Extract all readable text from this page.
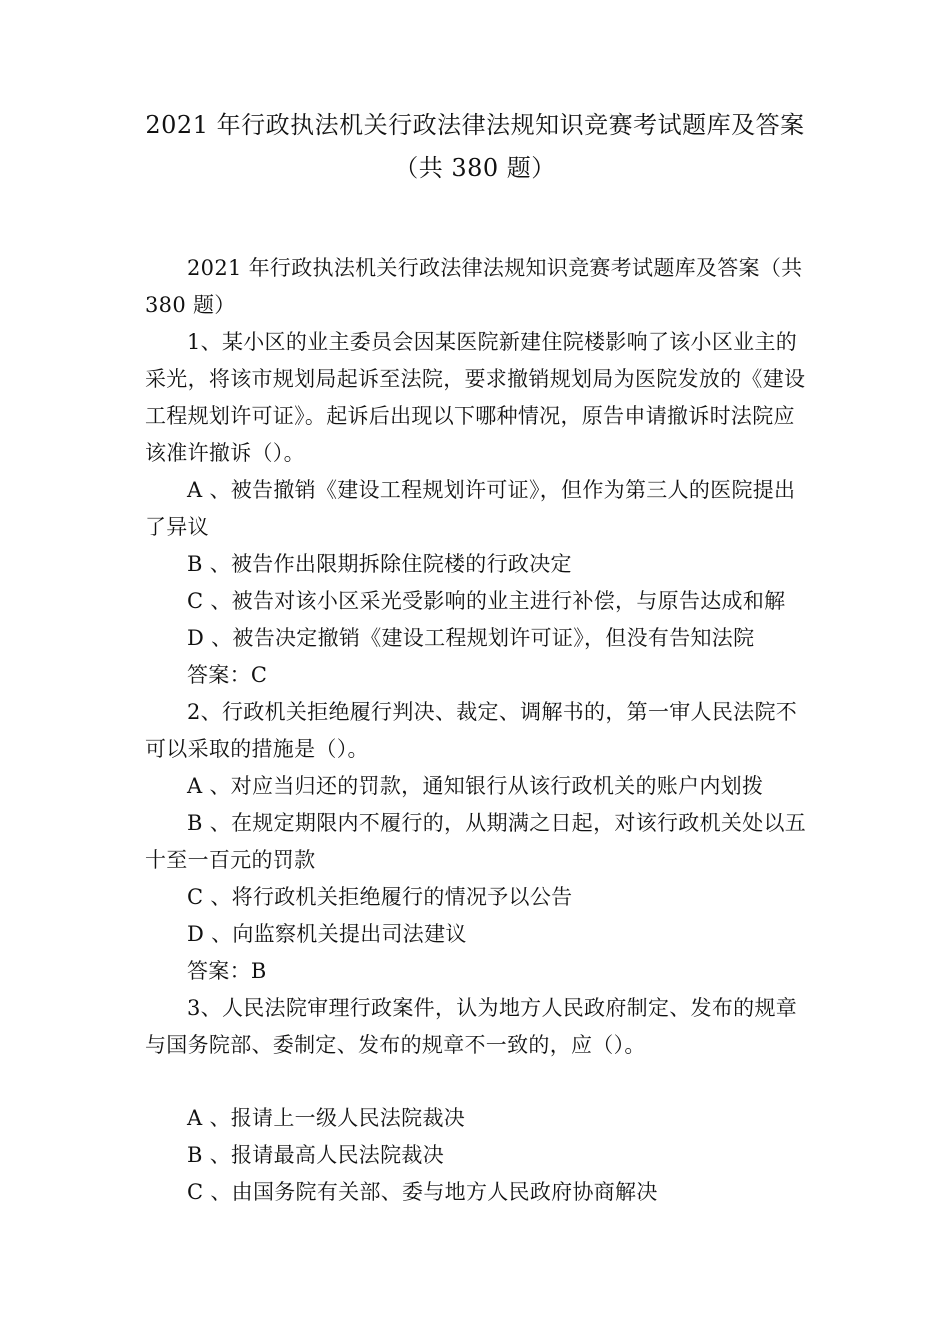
2021 年行政执法机关行政法律法规知识竞赛考试题库及答案
（共 380 题）

2021 年行政执法机关行政法律法规知识竞赛考试题库及答案（共 380 题）

1、某小区的业主委员会因某医院新建住院楼影响了该小区业主的采光，将该市规划局起诉至法院，要求撤销规划局为医院发放的《建设工程规划许可证》。起诉后出现以下哪种情况，原告申请撤诉时法院应该准许撤诉（）。

A 、被告撤销《建设工程规划许可证》，但作为第三人的医院提出了异议

B 、被告作出限期拆除住院楼的行政决定

C 、被告对该小区采光受影响的业主进行补偿，与原告达成和解

D 、被告决定撤销《建设工程规划许可证》，但没有告知法院

答案：C

2、行政机关拒绝履行判决、裁定、调解书的，第一审人民法院不可以采取的措施是（）。

A 、对应当归还的罚款，通知银行从该行政机关的账户内划拨

B 、在规定期限内不履行的，从期满之日起，对该行政机关处以五十至一百元的罚款

C 、将行政机关拒绝履行的情况予以公告

D 、向监察机关提出司法建议

答案：B

3、人民法院审理行政案件，认为地方人民政府制定、发布的规章与国务院部、委制定、发布的规章不一致的，应（）。

A 、报请上一级人民法院裁决

B 、报请最高人民法院裁决

C 、由国务院有关部、委与地方人民政府协商解决
